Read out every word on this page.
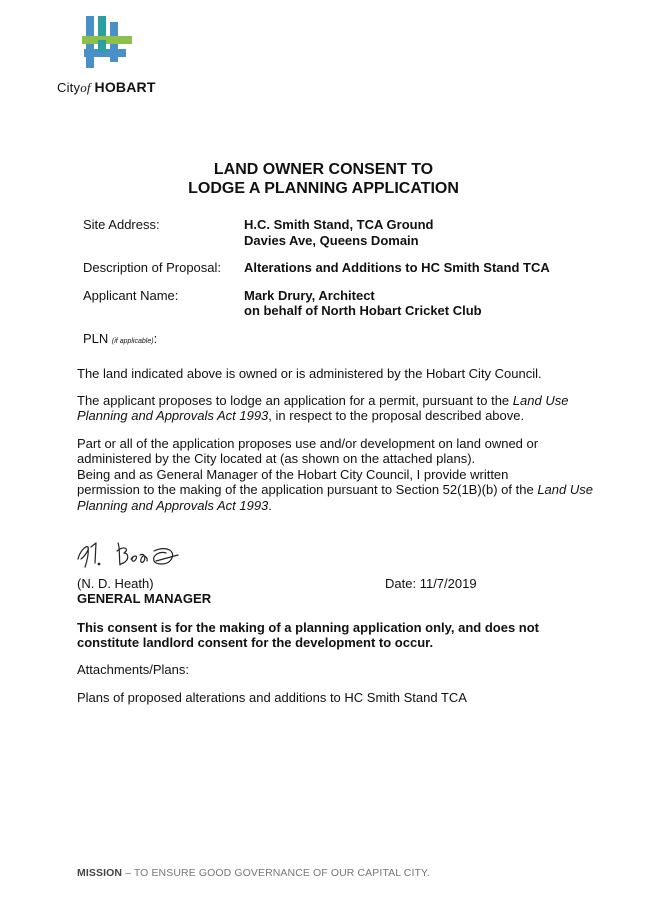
Cityof HOBART
LAND OWNER CONSENT TO
LODGE A PLANNING APPLICATION
Site Address:	H.C. Smith Stand, TCA Ground
Davies Ave, Queens Domain
Description of Proposal: Alterations and Additions to HC Smith Stand TCA
Applicant Name:	Mark Drury, Architect
on behalf of North Hobart Cricket Club
PLN (if applicable):
The land indicated above is owned or is administered by the Hobart City Council.
The applicant proposes to lodge an application for a permit, pursuant to the Land Use Planning and Approvals Act 1993, in respect to the proposal described above.
Part or all of the application proposes use and/or development on land owned or
administered by the City located at (as shown on the attached plans).
Being and as General Manager of the Hobart City Council, I provide written
permission to the making of the application pursuant to Section 52(1B)(b) of the Land Use Planning and Approvals Act 1993.
(N. D. Heath)
GENERAL MANAGER
Date: 11/7/2019
This consent is for the making of a planning application only, and does not
constitute landlord consent for the development to occur.
Attachments/Plans:
Plans of proposed alterations and additions to HC Smith Stand TCA
MISSION – TO ENSURE GOOD GOVERNANCE OF OUR CAPITAL CITY.
